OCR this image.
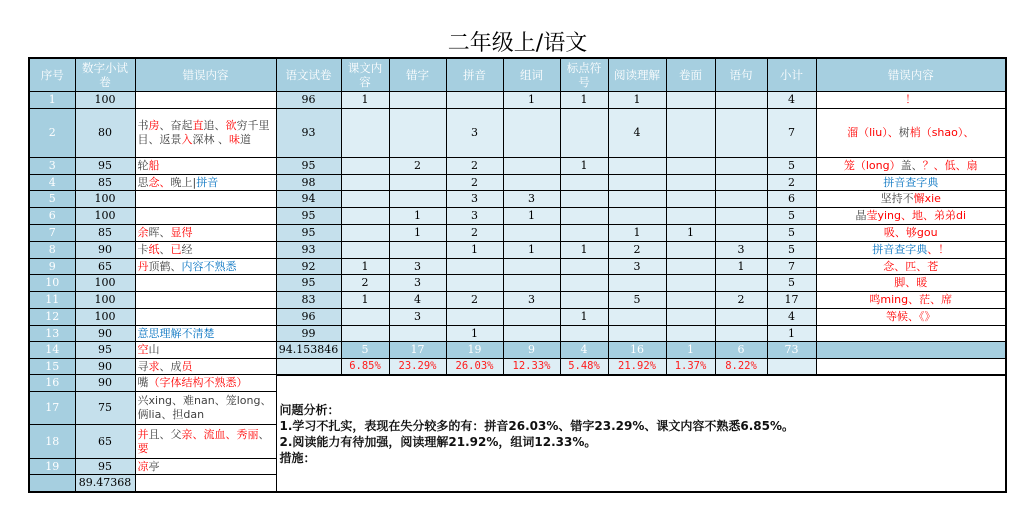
二年级上/语文
序号	数字小试卷	错误内容	语文试卷	课文内容	错字	拼音	组词	标点符号	阅读理解	卷面	语句	小计	错误内容
1	100		96	1			1	1	1			4	！
2	80	书房、奋起直追、欲穷千里目、返景入深林 、味道	93			3			4			7	溜（liu）、树梢（shao）、
3	95	轮船	95		2	2		1				5	笼（long）盖、？、低、扇
4	85	思念、晚上|拼音	98			2						2	拼音查字典
5	100		94			3	3					6	坚持不懈xie
6	100		95		1	3	1					5	晶莹ying、地、弟弟di
7	85	余晖、显得	95		1	2			1	1		5	吸、够gou
8	90	卡纸、已经	93			1	1	1	2		3	5	拼音查字典、！
9	65	丹顶鹤、内容不熟悉	92	1	3				3		1	7	念、匹、苍
10	100		95	2	3							5	脚、暖
11	100		83	1	4	2	3		5		2	17	鸣ming、茫、席
12	100		96		3			1				4	等候、《》
13	90	意思理解不清楚	99			1						1	
14	95	空山	94.153846	5	17	19	9	4	16	1	6	73	
15	90	寻求、成员		6.85%	23.29%	26.03%	12.33%	5.48%	21.92%	1.37%	8.22%		
16	90	嘴（字体结构不熟悉）	问题分析：
1.学习不扎实，表现在失分较多的有：拼音26.03%、错字23.29%、课文内容不熟悉6.85%。
2.阅读能力有待加强，阅读理解21.92%，组词12.33%。
措施：										

17	75	兴xing、难nan、笼long、俩lia、担dan											
18	65	并且、父亲、流血、秀丽、要											
19	95	凉亭											
	89.47368												
